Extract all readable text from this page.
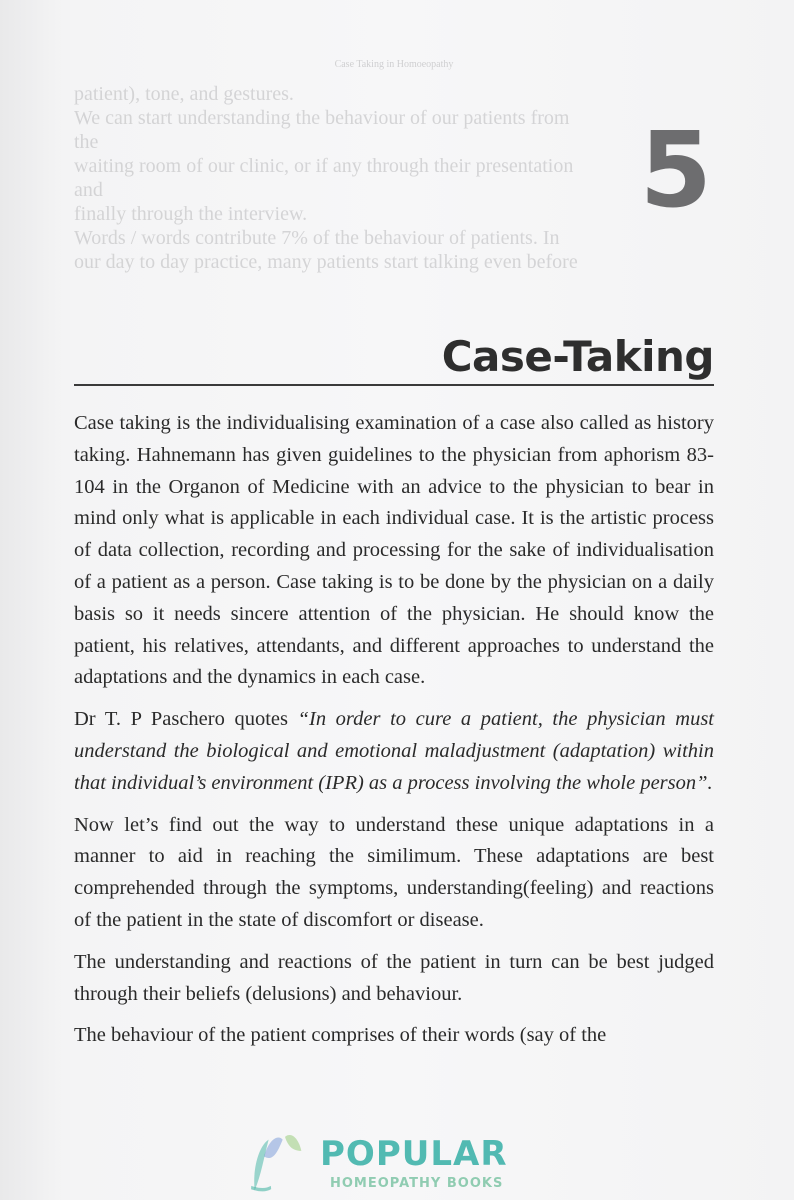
Case Taking in Homoeopathy
patient), tone, and gestures.
We can start understanding the behaviour of our patients from the
waiting room of our clinic, or if any through their presentation and
finally through the interview.
Words / words contribute 7% of the behaviour of patients. In
our day to day practice, many patients start talking even before
5
Case-Taking

Case taking is the individualising examination of a case also called as history taking. Hahnemann has given guidelines to the physician from aphorism 83-104 in the Organon of Medicine with an advice to the physician to bear in mind only what is applicable in each individual case. It is the artistic process of data collection, recording and processing for the sake of individualisation of a patient as a person. Case taking is to be done by the physician on a daily basis so it needs sincere attention of the physician. He should know the patient, his relatives, attendants, and different approaches to understand the adaptations and the dynamics in each case.

Dr T. P Paschero quotes “In order to cure a patient, the physician must understand the biological and emotional maladjustment (adaptation) within that individual’s environment (IPR) as a process involving the whole person”.

Now let’s find out the way to understand these unique adaptations in a manner to aid in reaching the similimum. These adaptations are best comprehended through the symptoms, understanding(feeling) and reactions of the patient in the state of discomfort or disease.

The understanding and reactions of the patient in turn can be best judged through their beliefs (delusions) and behaviour.

The behaviour of the patient comprises of their words (say of the

POPULAR
HOMEOPATHY BOOKS
